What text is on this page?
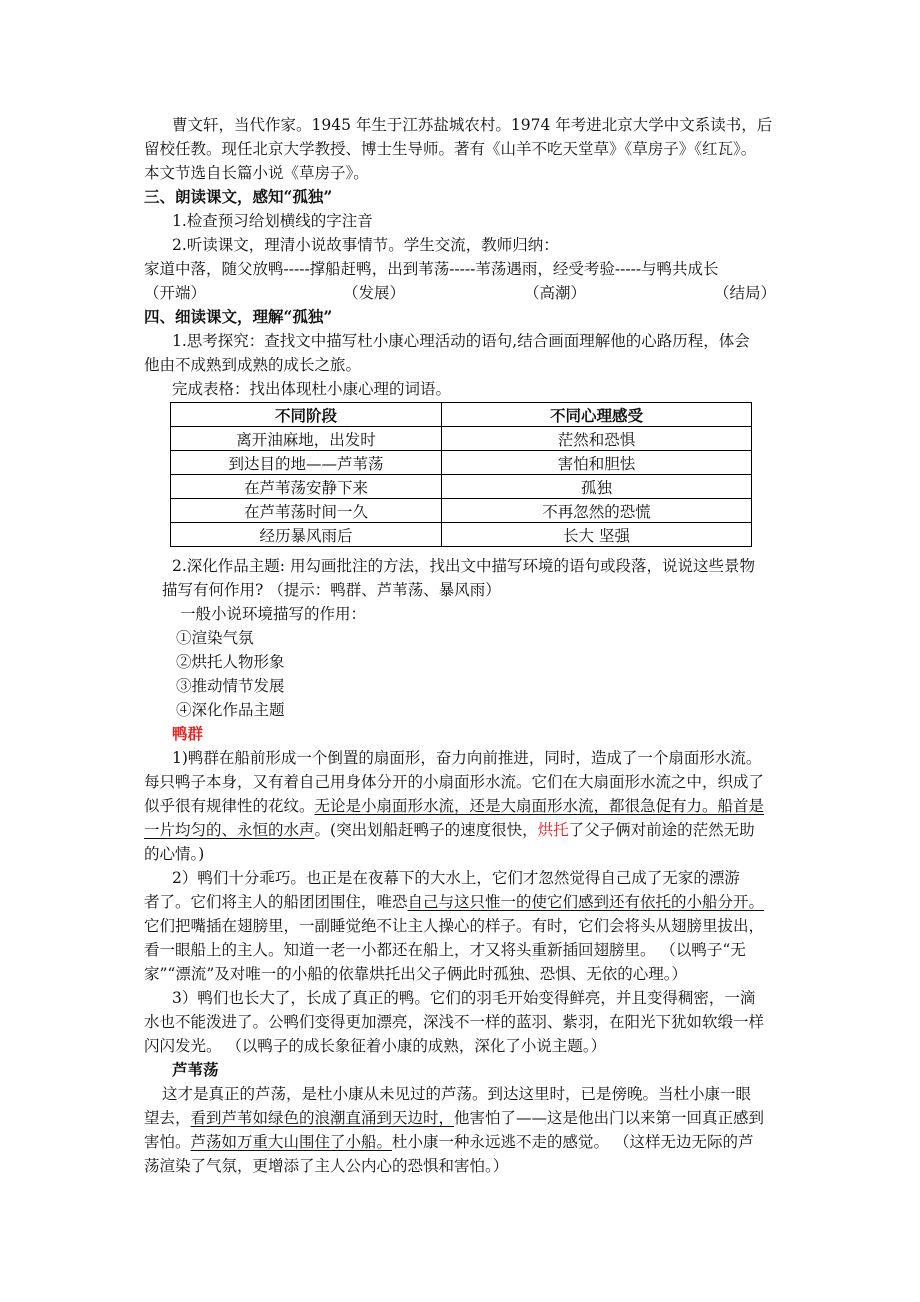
曹文轩，当代作家。1945 年生于江苏盐城农村。1974 年考进北京大学中文系读书，后
留校任教。现任北京大学教授、博士生导师。著有《山羊不吃天堂草》《草房子》《红瓦》。
本文节选自长篇小说《草房子》。
三、朗读课文，感知“孤独”
1.检查预习给划横线的字注音
2.听读课文，理清小说故事情节。学生交流，教师归纳：
家道中落，随父放鸭-----撑船赶鸭，出到苇荡-----苇荡遇雨，经受考验-----与鸭共成长
（开端）	（发展）	（高潮）	（结局）
四、细读课文，理解“孤独”
1.思考探究：查找文中描写杜小康心理活动的语句,结合画面理解他的心路历程，体会
他由不成熟到成熟的成长之旅。
完成表格：找出体现杜小康心理的词语。
不同阶段	不同心理感受
离开油麻地，出发时	茫然和恐惧
到达目的地——芦苇荡	害怕和胆怯
在芦苇荡安静下来	孤独
在芦苇荡时间一久	不再忽然的恐慌
经历暴风雨后	长大 坚强
2.深化作品主题: 用勾画批注的方法，找出文中描写环境的语句或段落，说说这些景物
描写有何作用? （提示：鸭群、芦苇荡、暴风雨）
一般小说环境描写的作用：
①渲染气氛
②烘托人物形象
③推动情节发展
④深化作品主题
鸭群
1)鸭群在船前形成一个倒置的扇面形，奋力向前推进，同时，造成了一个扇面形水流。
每只鸭子本身，又有着自己用身体分开的小扇面形水流。它们在大扇面形水流之中，织成了
似乎很有规律性的花纹。无论是小扇面形水流，还是大扇面形水流，都很急促有力。船首是
一片均匀的、永恒的水声。(突出划船赶鸭子的速度很快，烘托了父子俩对前途的茫然无助
的心情。)
2）鸭们十分乖巧。也正是在夜幕下的大水上，它们才忽然觉得自己成了无家的漂游
者了。它们将主人的船团团围住，唯恐自己与这只惟一的使它们感到还有依托的小船分开。
它们把嘴插在翅膀里，一副睡觉绝不让主人操心的样子。有时，它们会将头从翅膀里拔出，
看一眼船上的主人。知道一老一小都还在船上，才又将头重新插回翅膀里。 （以鸭子“无
家”“漂流”及对唯一的小船的依靠烘托出父子俩此时孤独、恐惧、无依的心理。）
3）鸭们也长大了，长成了真正的鸭。它们的羽毛开始变得鲜亮，并且变得稠密，一滴
水也不能泼进了。公鸭们变得更加漂亮，深浅不一样的蓝羽、紫羽，在阳光下犹如软缎一样
闪闪发光。 （以鸭子的成长象征着小康的成熟，深化了小说主题。）
芦苇荡
这才是真正的芦荡，是杜小康从未见过的芦荡。到达这里时，已是傍晚。当杜小康一眼
望去，看到芦苇如绿色的浪潮直涌到天边时，他害怕了——这是他出门以来第一回真正感到
害怕。芦荡如万重大山围住了小船。杜小康一种永远逃不走的感觉。 （这样无边无际的芦
荡渲染了气氛，更增添了主人公内心的恐惧和害怕。）
